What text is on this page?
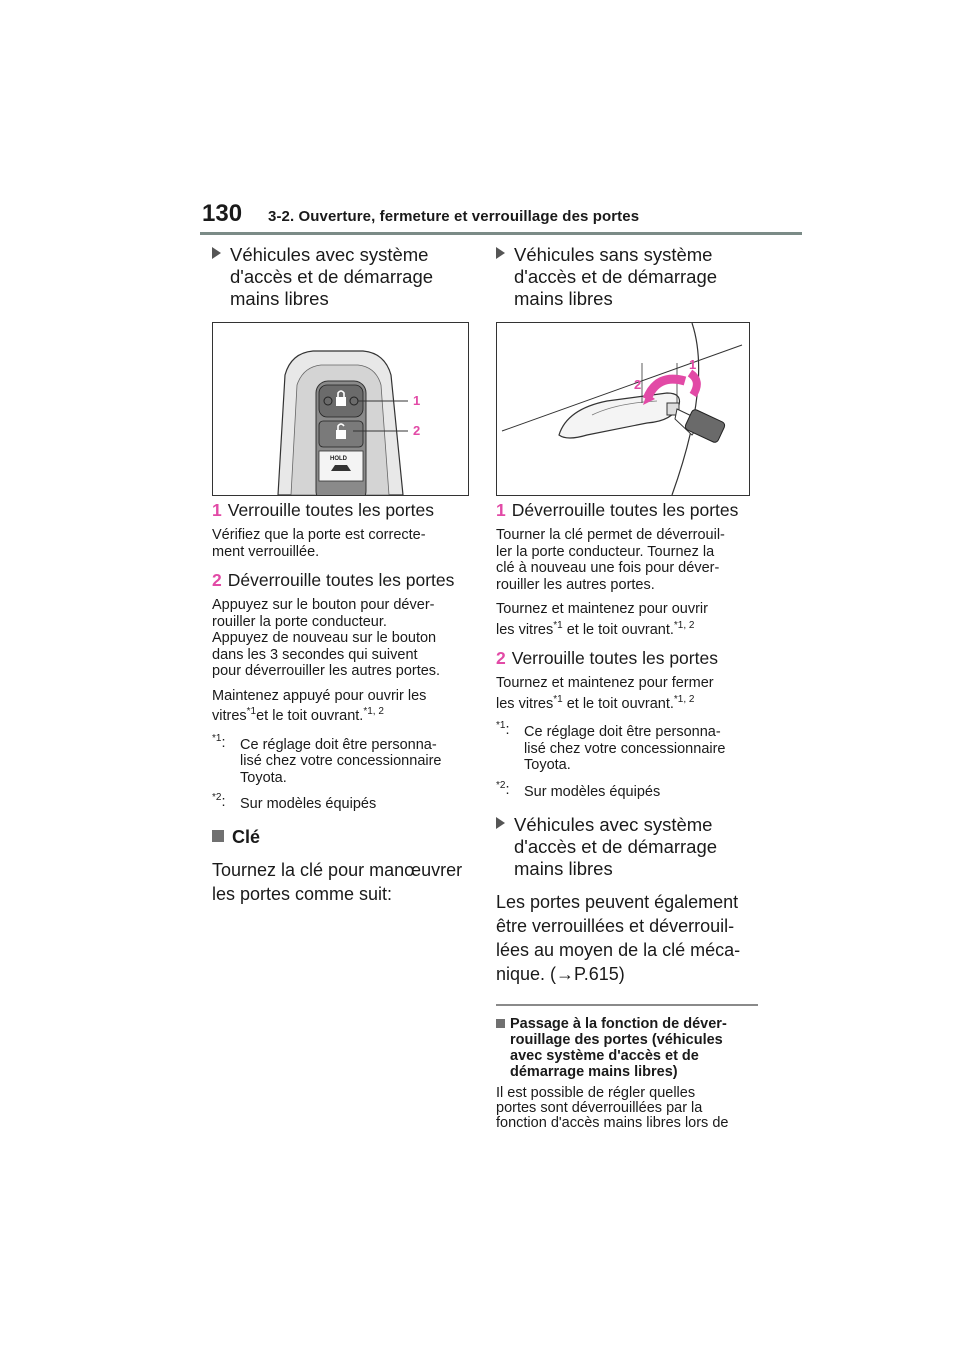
130 3-2. Ouverture, fermeture et verrouillage des portes
Véhicules avec système
d'accès et de démarrage
mains libres
HOLD
1
2
1 Verrouille toutes les portes

Vérifiez que la porte est correcte-

ment verrouillée.

2 Déverrouille toutes les portes

Appuyez sur le bouton pour déver-

rouiller la porte conducteur.

Appuyez de nouveau sur le bouton

dans les 3 secondes qui suivent

pour déverrouiller les autres portes.

Maintenez appuyé pour ouvrir les

vitres$^{*1}$et le toit ouvrant.$^{*1, 2}$

$^{*1}$: Ce réglage doit être personna-
lisé chez votre concessionnaire
Toyota.
$^{*2}$: Sur modèles équipés
Clé
Tournez la clé pour manœuvrer
les portes comme suit:
Véhicules sans système
d'accès et de démarrage
mains libres
2
1
1 Déverrouille toutes les portes

Tourner la clé permet de déverrouil-

ler la porte conducteur. Tournez la

clé à nouveau une fois pour déver-

rouiller les autres portes.

Tournez et maintenez pour ouvrir

les vitres$^{*1}$ et le toit ouvrant.$^{*1, 2}$

2 Verrouille toutes les portes

Tournez et maintenez pour fermer

les vitres$^{*1}$ et le toit ouvrant.$^{*1, 2}$

$^{*1}$: Ce réglage doit être personna-
lisé chez votre concessionnaire
Toyota.
$^{*2}$: Sur modèles équipés
Véhicules avec système
d'accès et de démarrage
mains libres
Les portes peuvent également
être verrouillées et déverrouil-
lées au moyen de la clé méca-
nique. (→P.615)
Passage à la fonction de déver-
rouillage des portes (véhicules
avec système d'accès et de
démarrage mains libres)
Il est possible de régler quelles
portes sont déverrouillées par la
fonction d'accès mains libres lors de
